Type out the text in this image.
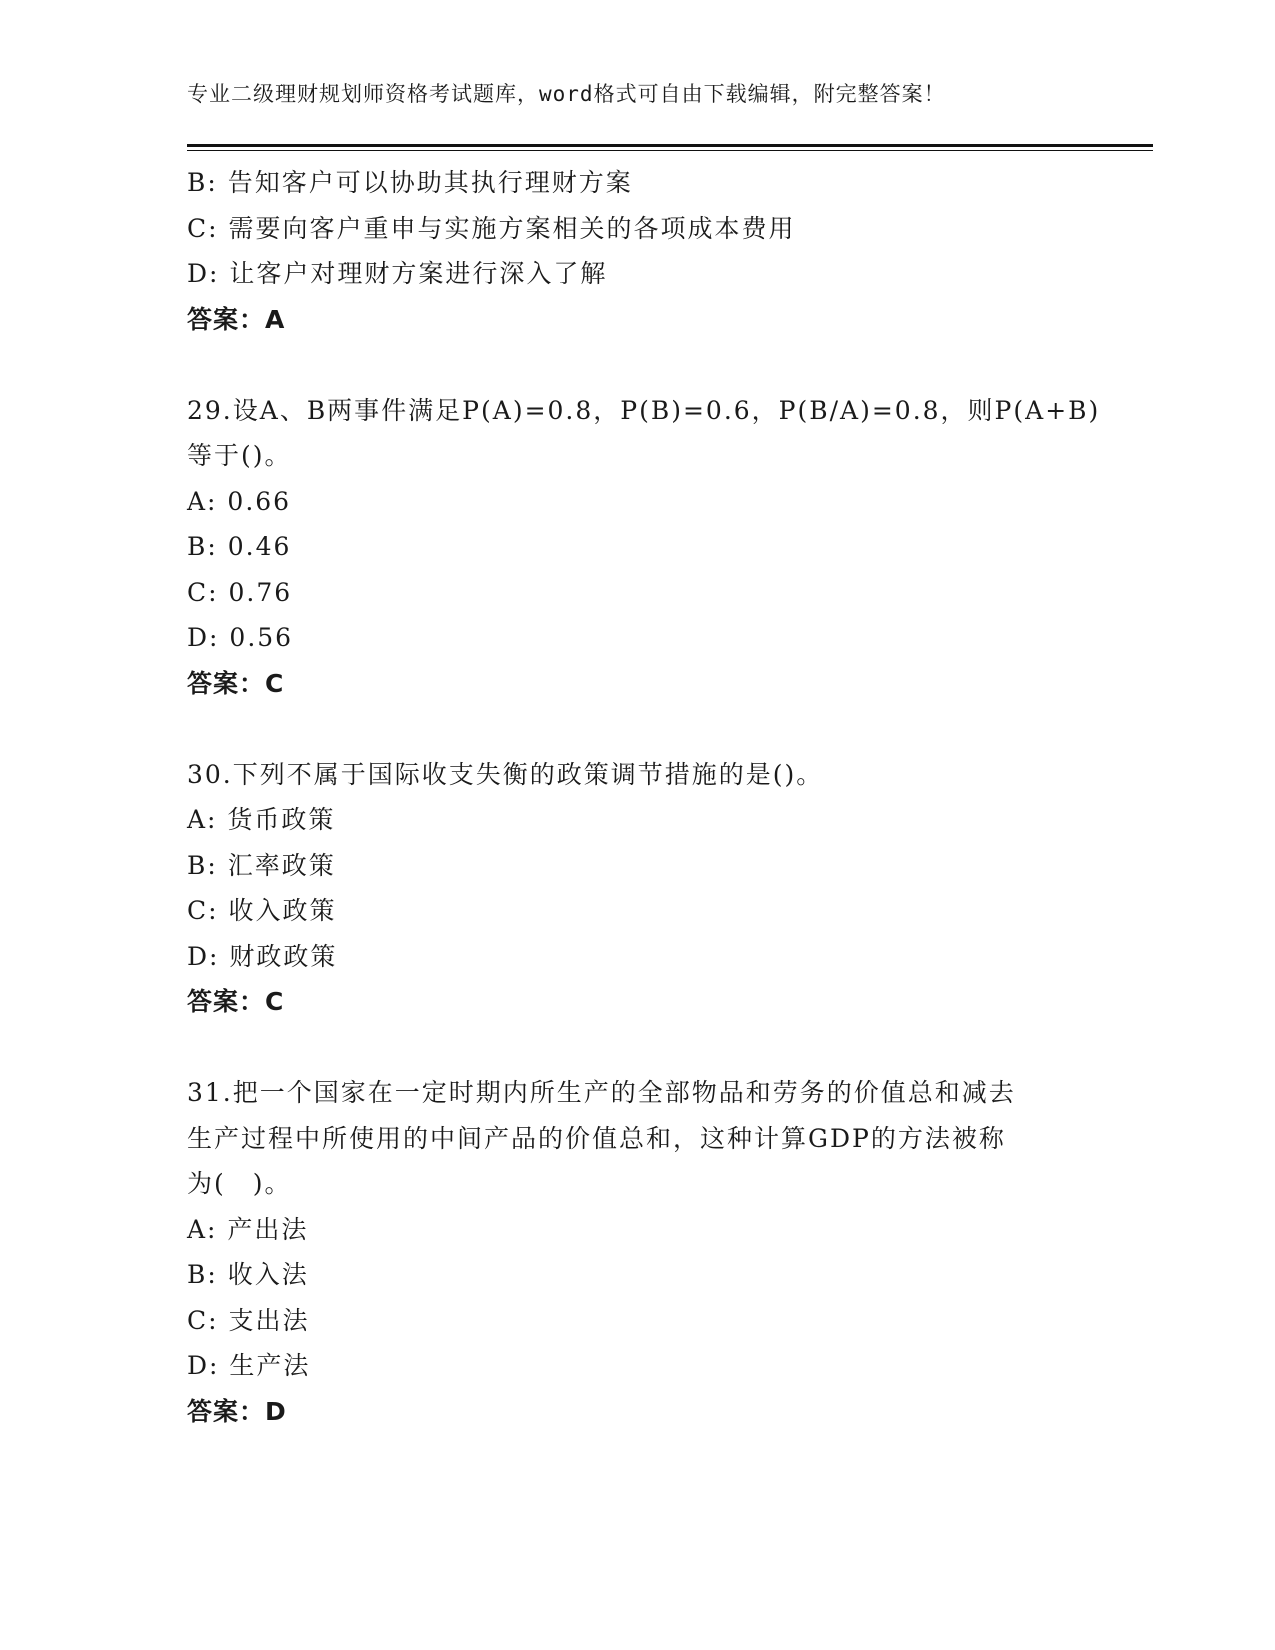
专业二级理财规划师资格考试题库，word格式可自由下载编辑，附完整答案！
B: 告知客户可以协助其执行理财方案
C: 需要向客户重申与实施方案相关的各项成本费用
D: 让客户对理财方案进行深入了解
答案：A
29.设A、B两事件满足P(A)=0.8，P(B)=0.6，P(B/A)=0.8，则P(A+B)
等于()。
A: 0.66
B: 0.46
C: 0.76
D: 0.56
答案：C
30.下列不属于国际收支失衡的政策调节措施的是()。
A: 货币政策
B: 汇率政策
C: 收入政策
D: 财政政策
答案：C
31.把一个国家在一定时期内所生产的全部物品和劳务的价值总和减去
生产过程中所使用的中间产品的价值总和，这种计算GDP的方法被称
为(　)。
A: 产出法
B: 收入法
C: 支出法
D: 生产法
答案：D
